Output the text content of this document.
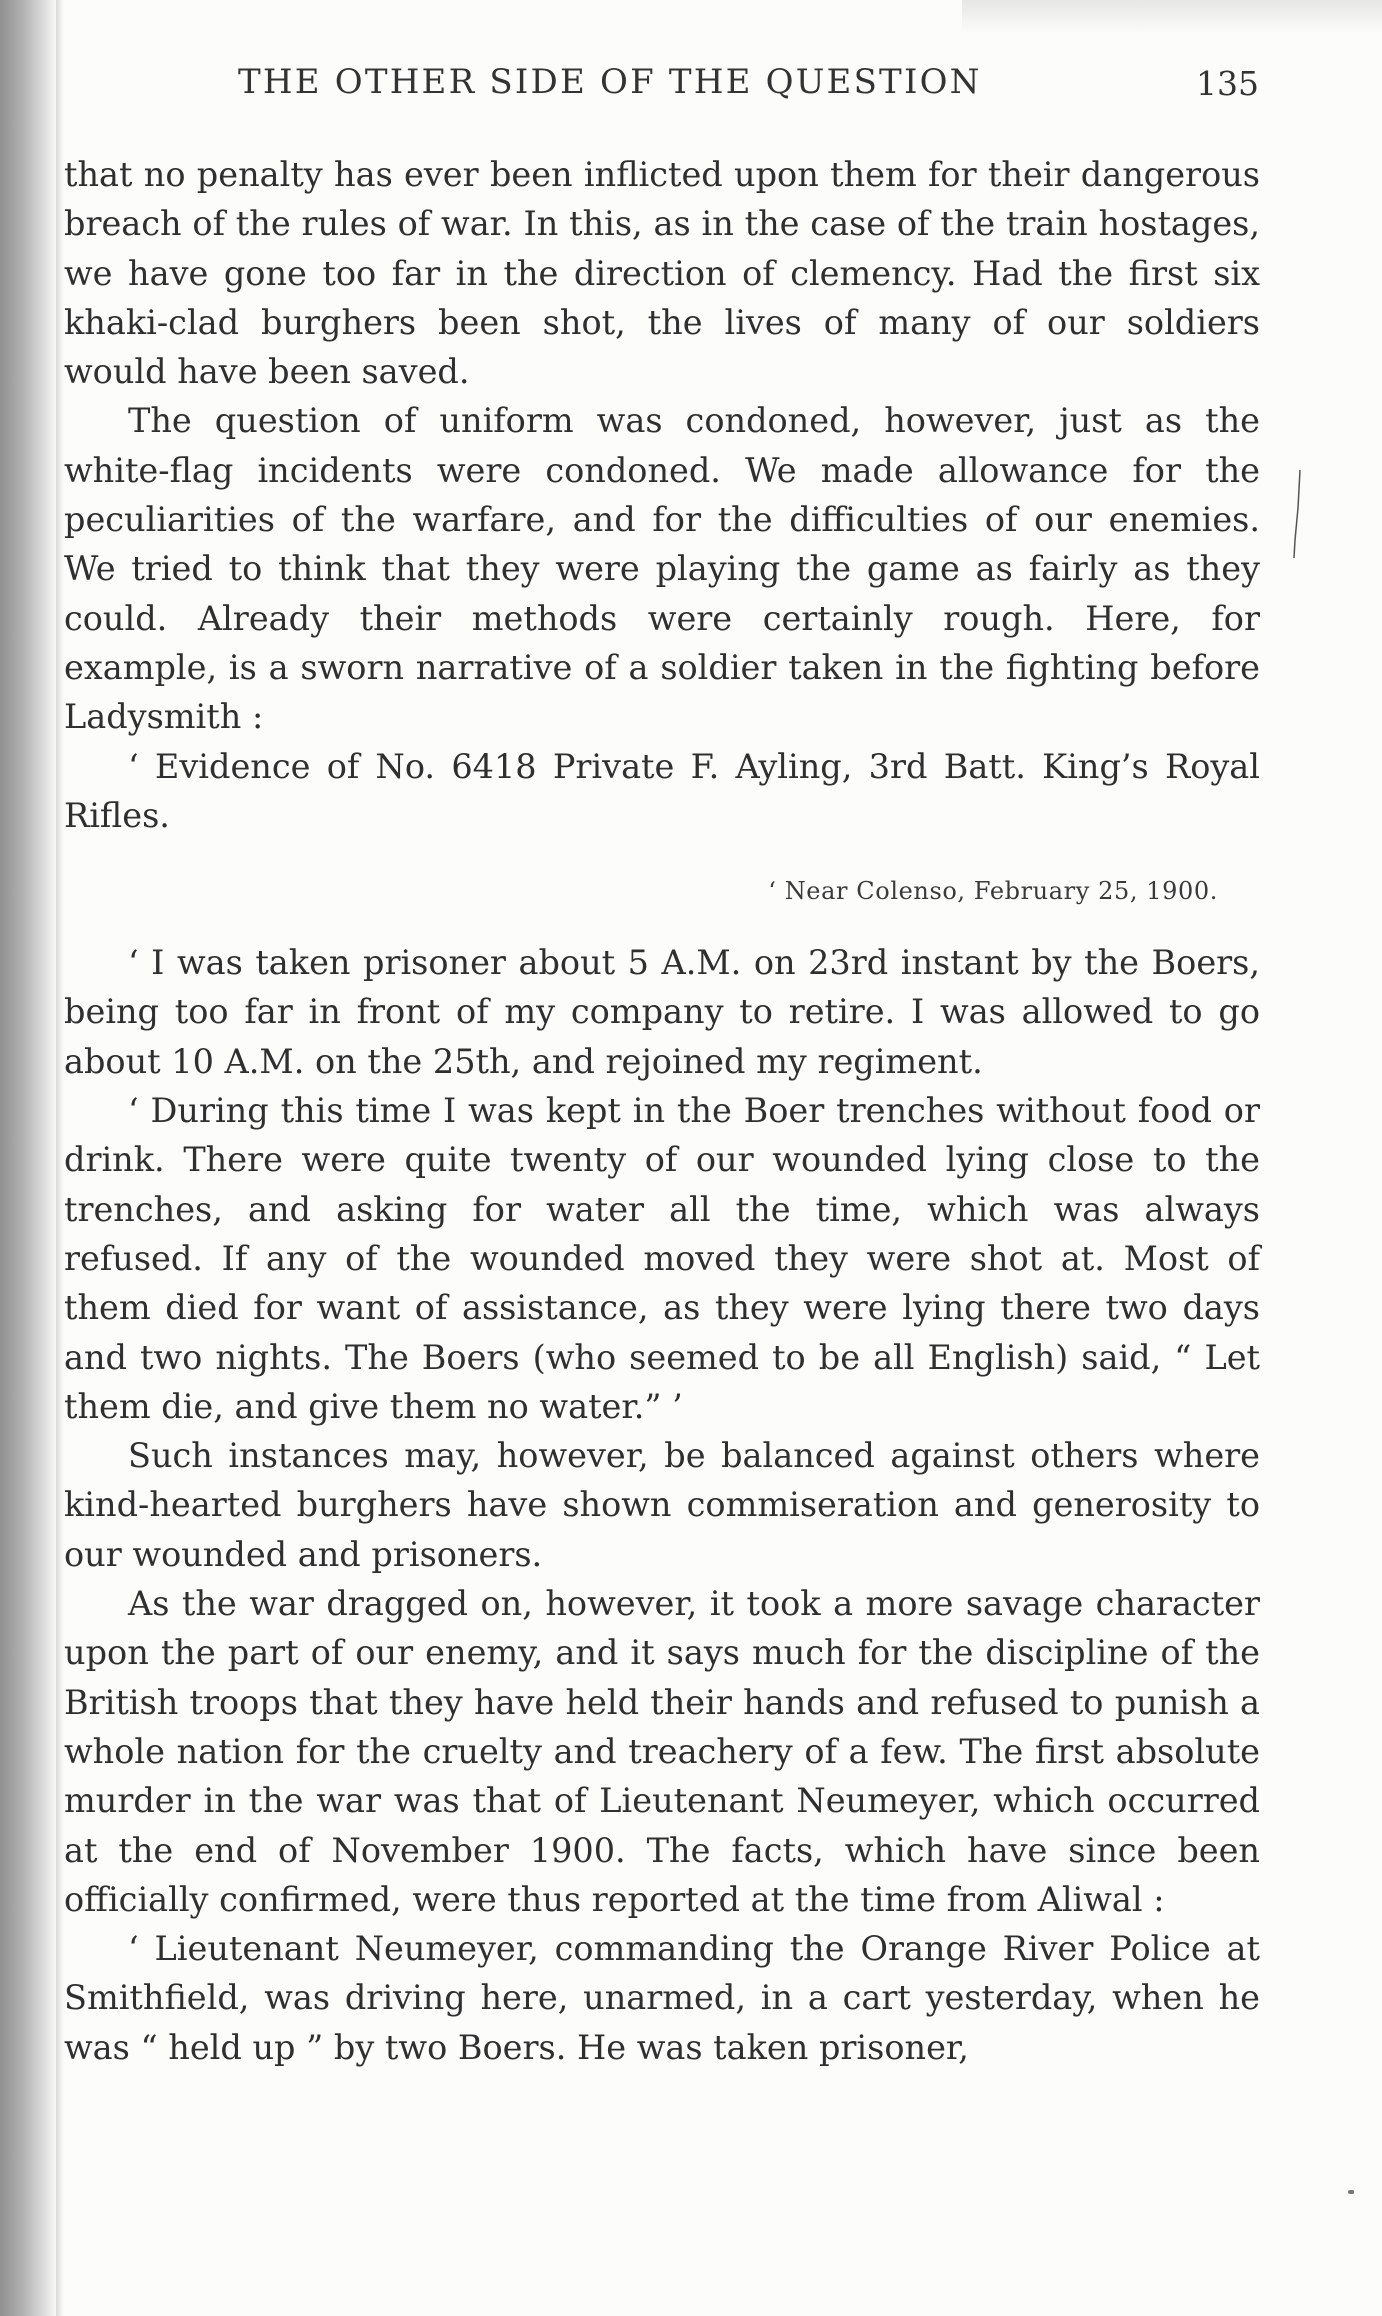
THE OTHER SIDE OF THE QUESTION	135

that no penalty has ever been inflicted upon them for their dangerous breach of the rules of war. In this, as in the case of the train hostages, we have gone too far in the direction of clemency. Had the first six khaki-clad burghers been shot, the lives of many of our soldiers would have been saved.

The question of uniform was condoned, however, just as the white-flag incidents were condoned. We made allowance for the peculiarities of the warfare, and for the difficulties of our enemies. We tried to think that they were playing the game as fairly as they could. Already their methods were certainly rough. Here, for example, is a sworn narrative of a soldier taken in the fighting before Ladysmith :

‘ Evidence of No. 6418 Private F. Ayling, 3rd Batt. King’s Royal Rifles.

‘ Near Colenso, February 25, 1900.

‘ I was taken prisoner about 5 A.M. on 23rd instant by the Boers, being too far in front of my company to retire. I was allowed to go about 10 A.M. on the 25th, and rejoined my regiment.

‘ During this time I was kept in the Boer trenches without food or drink. There were quite twenty of our wounded lying close to the trenches, and asking for water all the time, which was always refused. If any of the wounded moved they were shot at. Most of them died for want of assistance, as they were lying there two days and two nights. The Boers (who seemed to be all English) said, “ Let them die, and give them no water.” ’

Such instances may, however, be balanced against others where kind-hearted burghers have shown commiseration and generosity to our wounded and prisoners.

As the war dragged on, however, it took a more savage character upon the part of our enemy, and it says much for the discipline of the British troops that they have held their hands and refused to punish a whole nation for the cruelty and treachery of a few. The first absolute murder in the war was that of Lieutenant Neumeyer, which occurred at the end of November 1900. The facts, which have since been officially confirmed, were thus reported at the time from Aliwal :

‘ Lieutenant Neumeyer, commanding the Orange River Police at Smithfield, was driving here, unarmed, in a cart yesterday, when he was “ held up ” by two Boers. He was taken prisoner,
